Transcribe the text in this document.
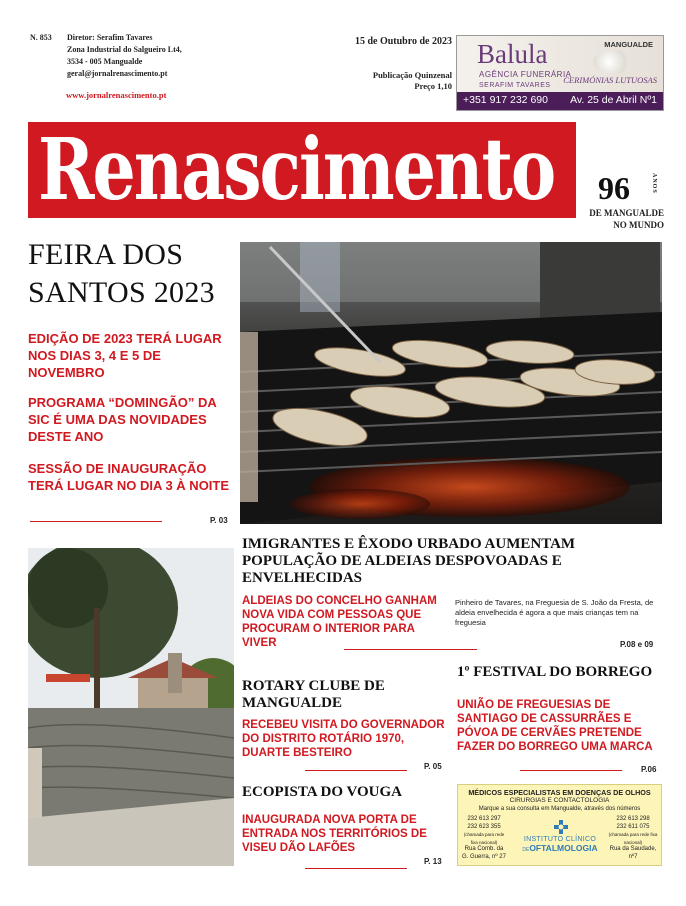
N. 853 Diretor: Serafim Tavares
Zona Industrial do Salgueiro Lt4,
3534 - 005 Mangualde
geral@jornalrenascimento.pt
www.jornalrenascimento.pt
15 de Outubro de 2023
Publicação Quinzenal
Preço 1,10
Balula
AGÊNCIA FUNERÁRIA
SERAFIM TAVARES
MANGUALDE
CERIMÓNIAS LUTUOSAS
+351 917 232 690 Av. 25 de Abril Nº1
Renascimento 96	ANOS
DE MANGUALDE
NO MUNDO
FEIRA DOS
SANTOS 2023
EDIÇÃO DE 2023 TERÁ LUGAR NOS DIAS 3, 4 E 5 DE NOVEMBRO
PROGRAMA “DOMINGÃO” DA SIC É UMA DAS NOVIDADES DESTE ANO
SESSÃO DE INAUGURAÇÃO TERÁ LUGAR NO DIA 3 À NOITE
P. 03
IMIGRANTES E ÊXODO URBADO AUMENTAM POPULAÇÃO DE ALDEIAS DESPOVOADAS E ENVELHECIDAS
ALDEIAS DO CONCELHO GANHAM NOVA VIDA COM PESSOAS QUE PROCURAM O INTERIOR PARA VIVER
Pinheiro de Tavares, na Freguesia de S. João da Fresta, de aldeia envelhecida é agora a que mais crianças tem na freguesia
P.08 e 09
ROTARY CLUBE DE MANGUALDE
RECEBEU VISITA DO GOVERNADOR DO DISTRITO ROTÁRIO 1970, DUARTE BESTEIRO
P. 05
1º FESTIVAL DO BORREGO
UNIÃO DE FREGUESIAS DE SANTIAGO DE CASSURRÃES E PÓVOA DE CERVÃES PRETENDE FAZER DO BORREGO UMA MARCA
P.06
ECOPISTA DO VOUGA
INAUGURADA NOVA PORTA DE ENTRADA NOS TERRITÓRIOS DE VISEU DÃO LAFÕES
P. 13
MÉDICOS ESPECIALISTAS EM DOENÇAS DE OLHOS
CIRURGIAS E CONTACTOLOGIA
Marque a sua consulta em Mangualde, através dos números
232 613 297
232 623 355
(chamada para rede fixa nacional)
Rua Comb. da
G. Guerra, nº 27
INSTITUTO CLÍNICO
DEOFTALMOLOGIA
232 613 298
232 611 075
(chamada para rede fixa nacional)
Rua da Saudade,
nº7
